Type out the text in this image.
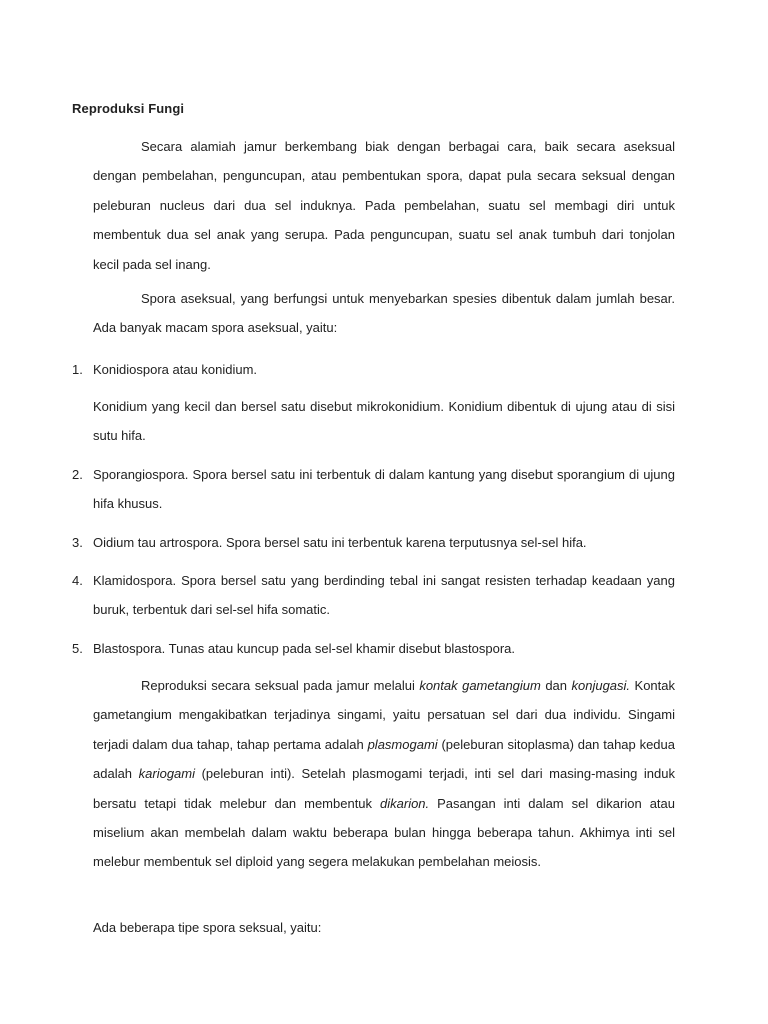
Reproduksi Fungi

Secara alamiah jamur berkembang biak dengan berbagai cara, baik secara aseksual dengan pembelahan, penguncupan, atau pembentukan spora, dapat pula secara seksual dengan peleburan nucleus dari dua sel induknya. Pada pembelahan, suatu sel membagi diri untuk membentuk dua sel anak yang serupa. Pada penguncupan, suatu sel anak tumbuh dari tonjolan kecil pada sel inang.

Spora aseksual, yang berfungsi untuk menyebarkan spesies dibentuk dalam jumlah besar. Ada banyak macam spora aseksual, yaitu:

1. Konidiospora atau konidium.

Konidium yang kecil dan bersel satu disebut mikrokonidium. Konidium dibentuk di ujung atau di sisi sutu hifa.

2. Sporangiospora. Spora bersel satu ini terbentuk di dalam kantung yang disebut sporangium di ujung hifa khusus.
3. Oidium tau artrospora. Spora bersel satu ini terbentuk karena terputusnya sel-sel hifa.
4. Klamidospora. Spora bersel satu yang berdinding tebal ini sangat resisten terhadap keadaan yang buruk, terbentuk dari sel-sel hifa somatic.
5. Blastospora. Tunas atau kuncup pada sel-sel khamir disebut blastospora.

Reproduksi secara seksual pada jamur melalui kontak gametangium dan konjugasi. Kontak gametangium mengakibatkan terjadinya singami, yaitu persatuan sel dari dua individu. Singami terjadi dalam dua tahap, tahap pertama adalah plasmogami (peleburan sitoplasma) dan tahap kedua adalah kariogami (peleburan inti). Setelah plasmogami terjadi, inti sel dari masing-masing induk bersatu tetapi tidak melebur dan membentuk dikarion. Pasangan inti dalam sel dikarion atau miselium akan membelah dalam waktu beberapa bulan hingga beberapa tahun. Akhimya inti sel melebur membentuk sel diploid yang segera melakukan pembelahan meiosis.

Ada beberapa tipe spora seksual, yaitu:
